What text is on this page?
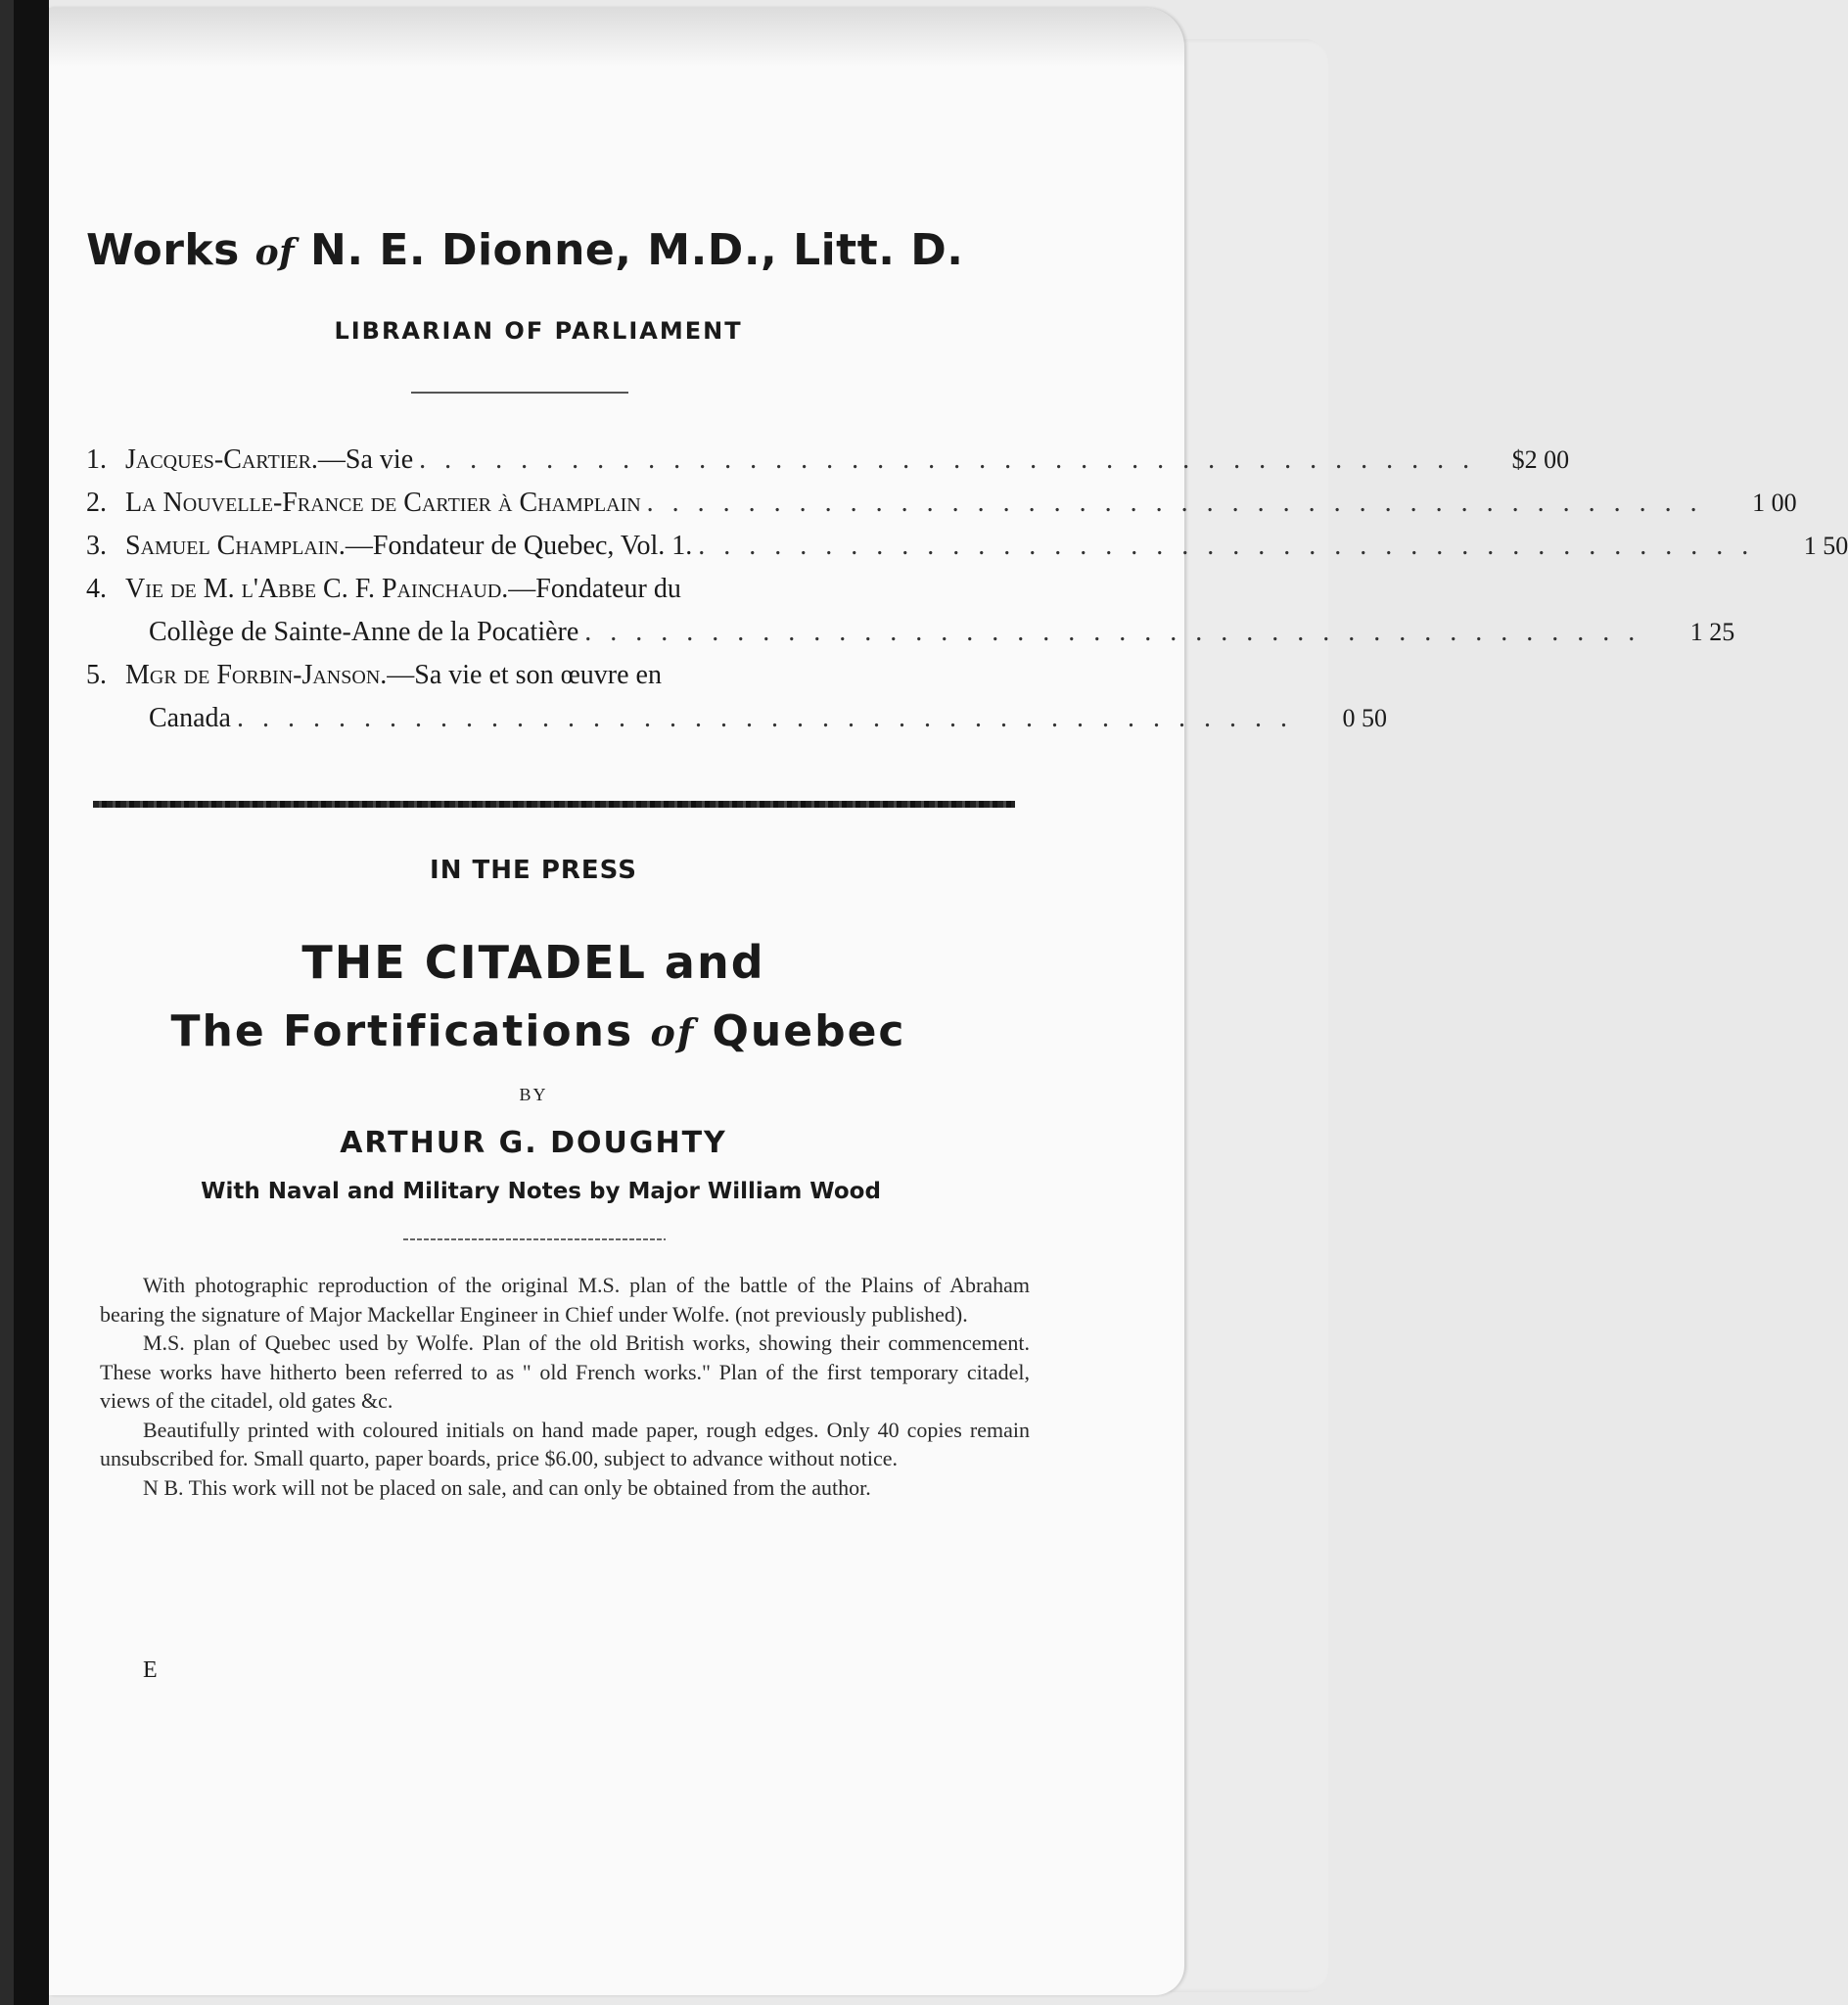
Works of N. E. Dionne, M.D., Litt. D.
LIBRARIAN OF PARLIAMENT
1. Jacques-Cartier.—Sa vie . . . . . . . . . . . . . . . . . . . . . . . . . . . . . . . . . . . . . . . . . .	$2 00
2. La Nouvelle-France de Cartier à Champlain . . . . . . . . . . . . . . . . . . . . . . . . . . . . . . . . . . . . . . . . . .	1 00
3. Samuel Champlain.—Fondateur de Quebec, Vol. 1. . . . . . . . . . . . . . . . . . . . . . . . . . . . . . . . . . . . . . . . . . .	1 50
4. Vie de M. l'Abbe C. F. Painchaud.—Fondateur du
Collège de Sainte-Anne de la Pocatière . . . . . . . . . . . . . . . . . . . . . . . . . . . . . . . . . . . . . . . . . .	1 25
5. Mgr de Forbin-Janson.—Sa vie et son œuvre en
Canada . . . . . . . . . . . . . . . . . . . . . . . . . . . . . . . . . . . . . . . . . .	0 50
IN THE PRESS
THE CITADEL and
The Fortifications of Quebec
BY
ARTHUR G. DOUGHTY
With Naval and Military Notes by Major William Wood

With photographic reproduction of the original M.S. plan of the battle of the Plains of Abraham bearing the signature of Major Mackellar Engineer in Chief under Wolfe. (not previously published).

M.S. plan of Quebec used by Wolfe. Plan of the old British works, showing their commencement. These works have hitherto been referred to as " old French works." Plan of the first temporary citadel, views of the citadel, old gates &c.

Beautifully printed with coloured initials on hand made paper, rough edges. Only 40 copies remain unsubscribed for. Small quarto, paper boards, price $6.00, subject to advance without notice.

N B. This work will not be placed on sale, and can only be obtained from the author.

E
